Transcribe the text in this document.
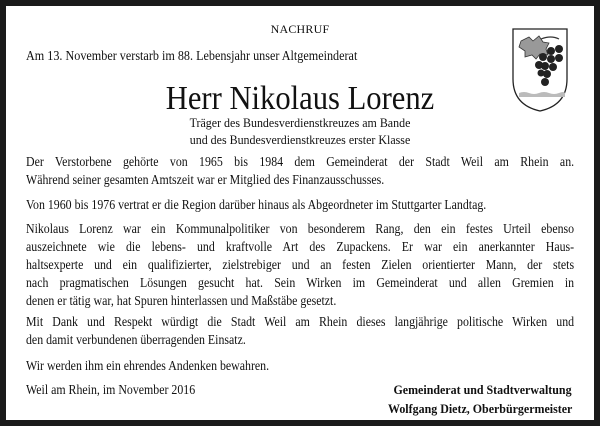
NACHRUF
Am 13. November verstarb im 88. Lebensjahr unser Altgemeinderat
Herr Nikolaus Lorenz
Träger des Bundesverdienstkreuzes am Bande
und des Bundesverdienstkreuzes erster Klasse
Der Verstorbene gehörte von 1965 bis 1984 dem Gemeinderat der Stadt Weil am Rhein an.
Während seiner gesamten Amtszeit war er Mitglied des Finanzausschusses.
Von 1960 bis 1976 vertrat er die Region darüber hinaus als Abgeordneter im Stuttgarter Landtag.
Nikolaus Lorenz war ein Kommunalpolitiker von besonderem Rang, den ein festes Urteil ebenso
auszeichnete wie die lebens- und kraftvolle Art des Zupackens. Er war ein anerkannter Haus-
haltsexperte und ein qualifizierter, zielstrebiger und an festen Zielen orientierter Mann, der stets
nach pragmatischen Lösungen gesucht hat. Sein Wirken im Gemeinderat und allen Gremien in
denen er tätig war, hat Spuren hinterlassen und Maßstäbe gesetzt.
Mit Dank und Respekt würdigt die Stadt Weil am Rhein dieses langjährige politische Wirken und
den damit verbundenen überragenden Einsatz.
Wir werden ihm ein ehrendes Andenken bewahren.
Weil am Rhein, im November 2016	Gemeinderat und Stadtverwaltung
Wolfgang Dietz, Oberbürgermeister
